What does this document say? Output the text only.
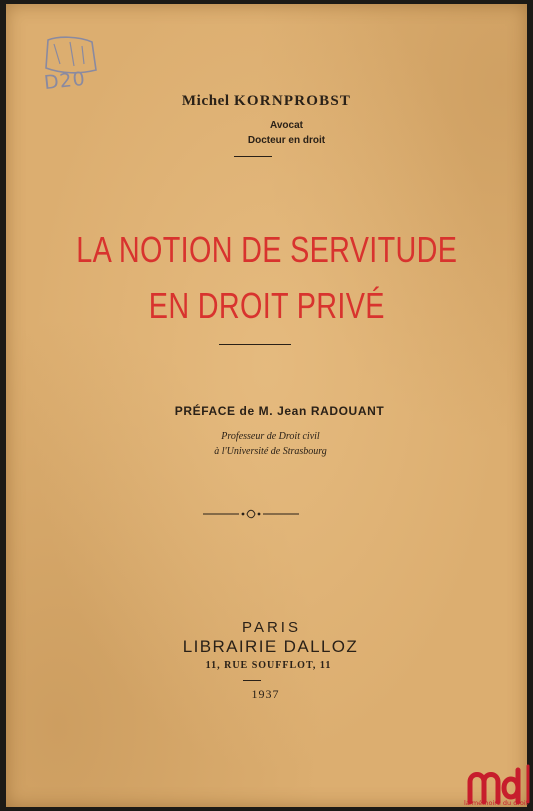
D20
Michel KORNPROBST
Avocat
Docteur en droit
LA NOTION DE SERVITUDE
EN DROIT PRIVÉ
PRÉFACE de M. Jean RADOUANT
Professeur de Droit civil
à l'Université de Strasbourg
PARIS
LIBRAIRIE DALLOZ
11, RUE SOUFFLOT, 11
1937
la mémoire du droit
